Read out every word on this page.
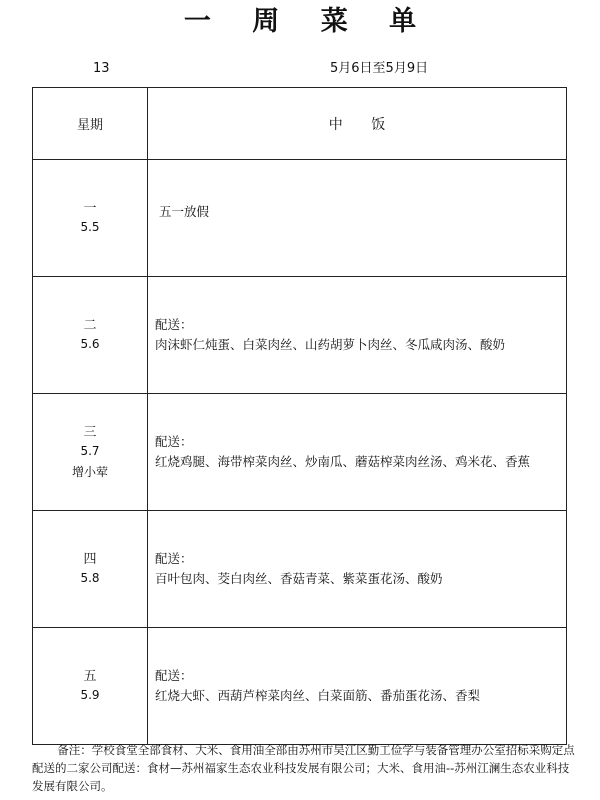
一 周 菜 单
13	5月6日至5月9日
星期	中 饭

一
5.5	五一放假

二
5.6	配送：
肉沫虾仁炖蛋、白菜肉丝、山药胡萝卜肉丝、冬瓜咸肉汤、酸奶

三
5.7
增小荤	配送：
红烧鸡腿、海带榨菜肉丝、炒南瓜、蘑菇榨菜肉丝汤、鸡米花、香蕉

四
5.8	配送：
百叶包肉、茭白肉丝、香菇青菜、紫菜蛋花汤、酸奶

五
5.9	配送：
红烧大虾、西葫芦榨菜肉丝、白菜面筋、番茄蛋花汤、香梨
备注：学校食堂全部食材、大米、食用油全部由苏州市吴江区勤工俭学与装备管理办公室招标采购定点配送的二家公司配送：食材—苏州福家生态农业科技发展有限公司；大米、食用油--苏州江澜生态农业科技发展有限公司。
